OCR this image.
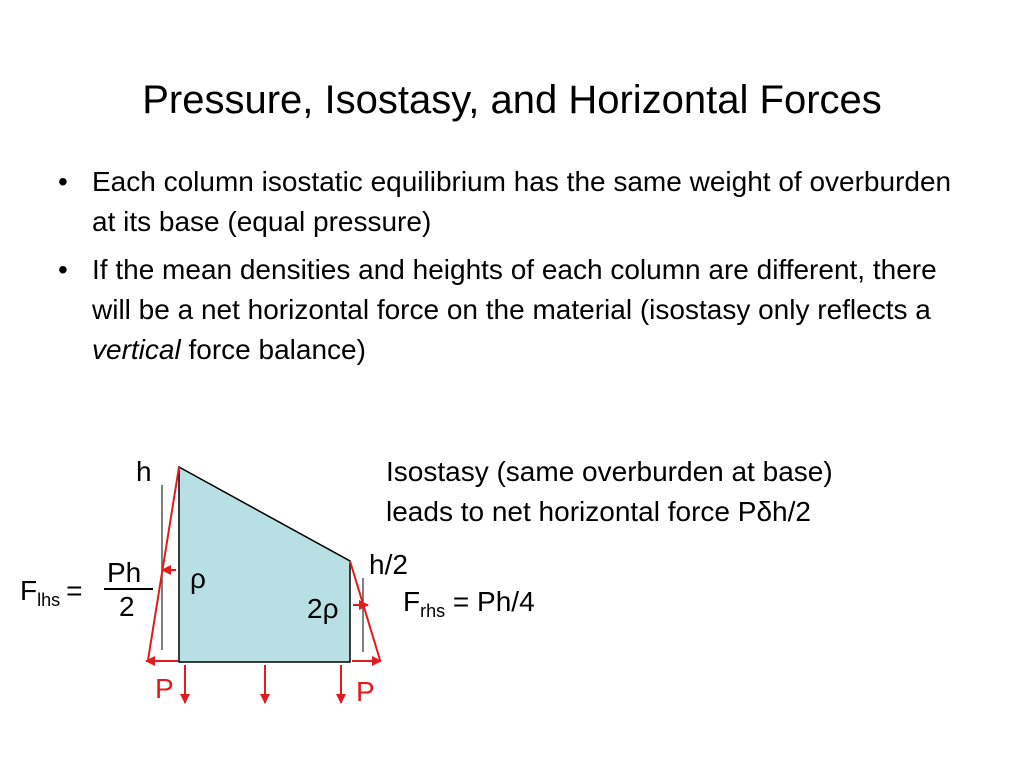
Pressure, Isostasy, and Horizontal Forces
• Each column isostatic equilibrium has the same weight of overburden at its base (equal pressure)
• If the mean densities and heights of each column are different, there will be a net horizontal force on the material (isostasy only reflects a vertical force balance)
Isostasy (same overburden at base)
leads to net horizontal force Pδh/2
h
h/2
ρ
2ρ
$F_{lhs}$ =
Ph
2	$F_{rhs} = Ph/4$
P	P
